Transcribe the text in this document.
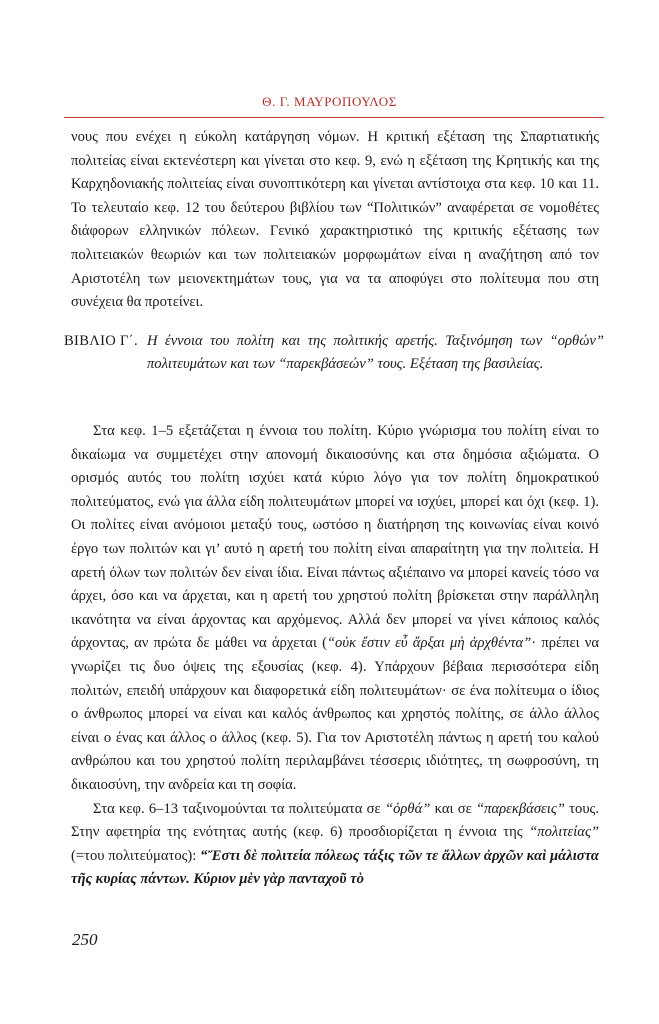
Θ. Γ. ΜΑΥΡΟΠΟΥΛΟΣ

νους που ενέχει η εύκολη κατάργηση νόμων. Η κριτική εξέταση της Σπαρτιατικής πολιτείας είναι εκτενέστερη και γίνεται στο κεφ. 9, ενώ η εξέταση της Κρητικής και της Καρχηδονιακής πολιτείας είναι συνοπτικότερη και γίνεται αντίστοιχα στα κεφ. 10 και 11. Το τελευταίο κεφ. 12 του δεύτερου βιβλίου των “Πολιτικών” αναφέρεται σε νομοθέτες διάφορων ελληνικών πόλεων. Γενικό χαρακτηριστικό της κριτικής εξέτασης των πολιτειακών θεωριών και των πολιτειακών μορφωμάτων είναι η αναζήτηση από τον Αριστοτέλη των μειονεκτημάτων τους, για να τα αποφύγει στο πολίτευμα που στη συνέχεια θα προτείνει.

ΒΙΒΛΙΟ Γ΄. Η έννοια του πολίτη και της πολιτικής αρετής. Ταξινόμηση των “ορθών” πολιτευμάτων και των “παρεκβάσεών” τους. Εξέταση της βασιλείας.

Στα κεφ. 1–5 εξετάζεται η έννοια του πολίτη. Κύριο γνώρισμα του πολίτη είναι το δικαίωμα να συμμετέχει στην απονομή δικαιοσύνης και στα δημόσια αξιώματα. Ο ορισμός αυτός του πολίτη ισχύει κατά κύριο λόγο για τον πολίτη δημοκρατικού πολιτεύματος, ενώ για άλλα είδη πολιτευμάτων μπορεί να ισχύει, μπορεί και όχι (κεφ. 1). Οι πολίτες είναι ανόμοιοι μεταξύ τους, ωστόσο η διατήρηση της κοινωνίας είναι κοινό έργο των πολιτών και γι’ αυτό η αρετή του πολίτη είναι απαραίτητη για την πολιτεία. Η αρετή όλων των πολιτών δεν είναι ίδια. Είναι πάντως αξιέπαινο να μπορεί κανείς τόσο να άρχει, όσο και να άρχεται, και η αρετή του χρηστού πολίτη βρίσκεται στην παράλληλη ικανότητα να είναι άρχοντας και αρχόμενος. Αλλά δεν μπορεί να γίνει κάποιος καλός άρχοντας, αν πρώτα δε μάθει να άρχεται (“οὐκ ἔστιν εὖ ἄρξαι μὴ ἀρχθέντα”· πρέπει να γνωρίζει τις δυο όψεις της εξουσίας (κεφ. 4). Υπάρχουν βέβαια περισσότερα είδη πολιτών, επειδή υπάρχουν και διαφορετικά είδη πολιτευμάτων· σε ένα πολίτευμα ο ίδιος ο άνθρωπος μπορεί να είναι και καλός άνθρωπος και χρηστός πολίτης, σε άλλο άλλος είναι ο ένας και άλλος ο άλλος (κεφ. 5). Για τον Αριστοτέλη πάντως η αρετή του καλού ανθρώπου και του χρηστού πολίτη περιλαμβάνει τέσσερις ιδιότητες, τη σωφροσύνη, τη δικαιοσύνη, την ανδρεία και τη σοφία.

Στα κεφ. 6–13 ταξινομούνται τα πολιτεύματα σε “ὀρθά” και σε “παρεκβάσεις” τους. Στην αφετηρία της ενότητας αυτής (κεφ. 6) προσδιορίζεται η έννοια της “πολιτείας” (=του πολιτεύματος): “Ἔστι δὲ πολιτεία πόλεως τάξις τῶν τε ἄλλων ἀρχῶν καὶ μάλιστα τῆς κυρίας πάντων. Κύριον μὲν γὰρ πανταχοῦ τὸ

250
